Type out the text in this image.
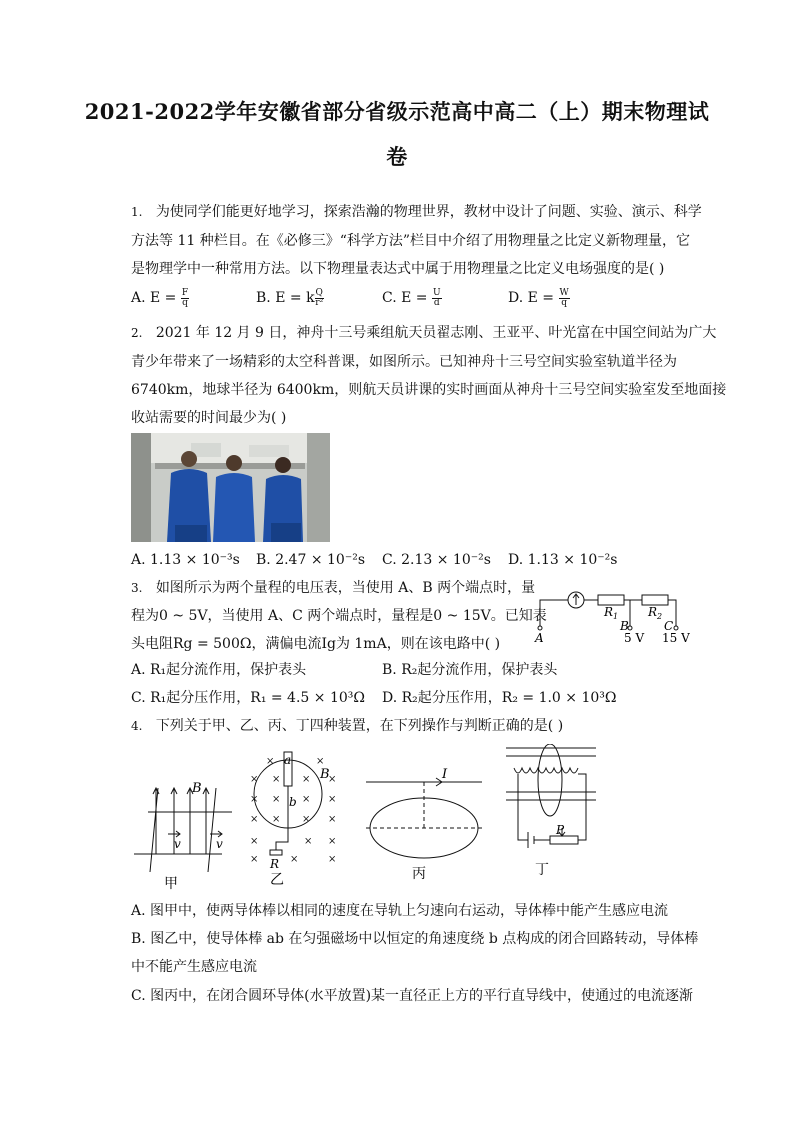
2021-2022学年安徽省部分省级示范高中高二（上）期末物理试
卷
1. 为使同学们能更好地学习，探索浩瀚的物理世界，教材中设计了问题、实验、演示、科学
方法等 11 种栏目。在《必修三》“科学方法”栏目中介绍了用物理量之比定义新物理量，它
是物理学中一种常用方法。以下物理量表达式中属于用物理量之比定义电场强度的是( )
A. $E = \frac{F}{q}$	B. E = k $\frac{Q}{\text{r²}}$	C. $E = \frac{U}{d}$	D. $E = \frac{W}{q}$
2. 2021 年 12 月 9 日，神舟十三号乘组航天员翟志刚、王亚平、叶光富在中国空间站为广大
青少年带来了一场精彩的太空科普课，如图所示。已知神舟十三号空间实验室轨道半径为
6740km，地球半径为 6400km，则航天员讲课的实时画面从神舟十三号空间实验室发至地面接
收站需要的时间最少为( )
A. 1.13 × 10⁻³s B. 2.47 × 10⁻²s C. 2.13 × 10⁻²s D. 1.13 × 10⁻²s
3. 如图所示为两个量程的电压表，当使用 A、B 两个端点时，量
程为0 ~ 5V，当使用 A、C 两个端点时，量程是0 ~ 15V。已知表
头电阻Rg = 500Ω，满偏电流Ig为 1mA，则在该电路中( )
$R_1$ $R_2$
A
B	C
5 V 15 V
A. R₁起分流作用，保护表头	B. R₂起分流作用，保护表头
C. R₁起分压作用，R₁ = 4.5 × 10³Ω D. R₂起分压作用，R₂ = 1.0 × 10³Ω
4. 下列关于甲、乙、丙、丁四种装置，在下列操作与判断正确的是( )
×	×
× × × ×
× × × ×
× × × ×
×	× ×
×	×	×
B
v	v
a
b
B
R
I
P
甲	乙	丙	丁
A. 图甲中，使两导体棒以相同的速度在导轨上匀速向右运动，导体棒中能产生感应电流
B. 图乙中，使导体棒 ab 在匀强磁场中以恒定的角速度绕 b 点构成的闭合回路转动，导体棒
中不能产生感应电流
C. 图丙中，在闭合圆环导体(水平放置)某一直径正上方的平行直导线中，使通过的电流逐渐
